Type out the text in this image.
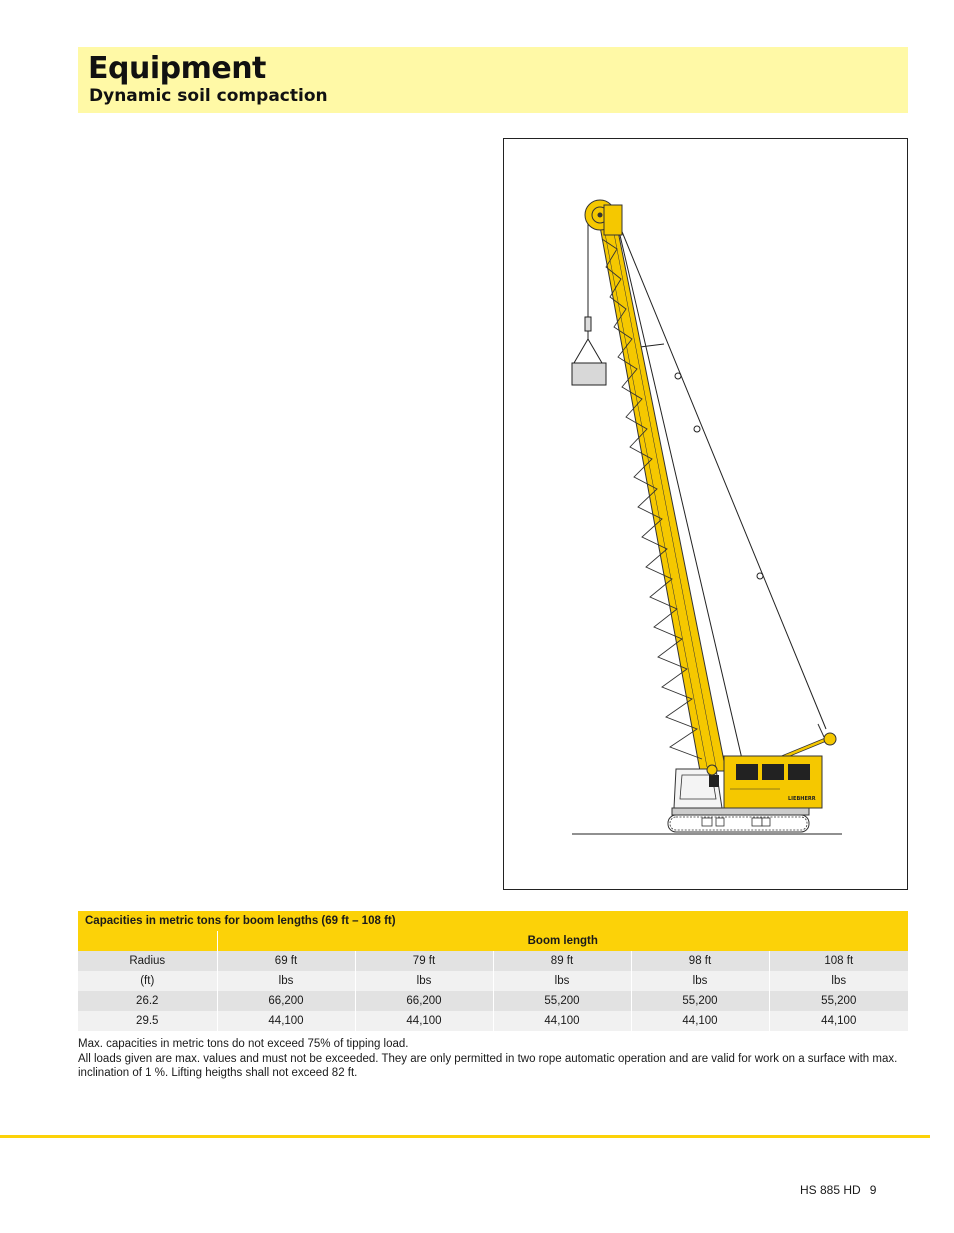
Equipment
Dynamic soil compaction
LIEBHERR
Capacities in metric tons for boom lengths (69 ft – 108 ft)					
	Boom length				
Radius	69 ft	79 ft	89 ft	98 ft	108 ft
(ft)	lbs	lbs	lbs	lbs	lbs
26.2	66,200	66,200	55,200	55,200	55,200
29.5	44,100	44,100	44,100	44,100	44,100

Max. capacities in metric tons do not exceed 75% of tipping load.

All loads given are max. values and must not be exceeded. They are only permitted in two rope automatic operation and are valid for work on a surface with max. inclination of 1 %. Lifting heigths shall not exceed 82 ft.

HS 885 HD 9
